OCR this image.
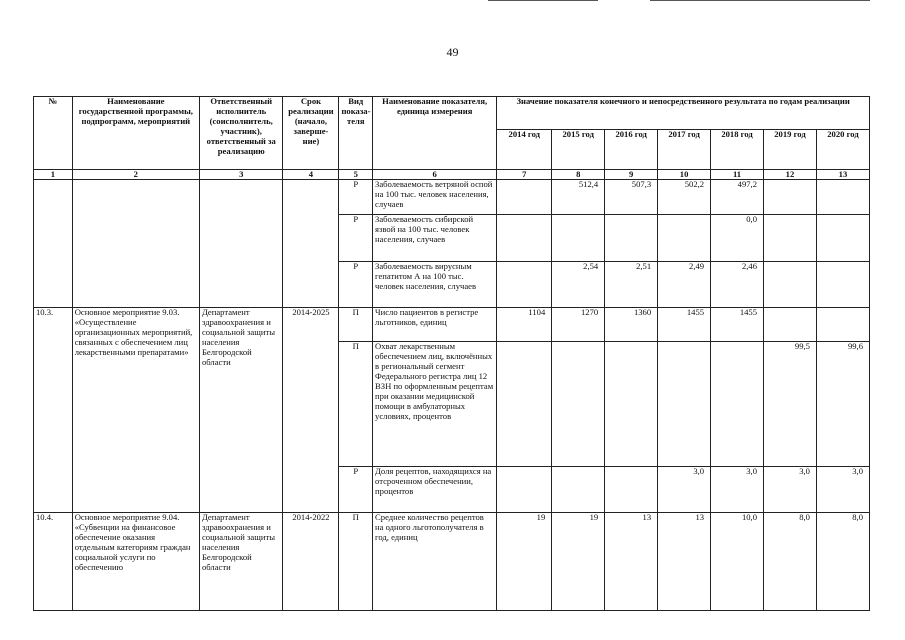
49
№	Наименование государственной программы, подпрограмм, мероприятий	Ответственный исполнитель (соисполнитель, участник), ответственный за реализацию	Срок реализации (начало, заверше-ние)	Вид показа-теля	Наименование показателя, единица измерения	Значение показателя конечного и непосредственного результата по годам реализации						
						2014 год	2015 год	2016 год	2017 год	2018 год	2019 год	2020 год
1	2	3	4	5	6	7	8	9	10	11	12	13
				Р	Заболеваемость ветряной оспой на 100 тыс. человек населения, случаев		512,4	507,3	502,2	497,2		
				Р	Заболеваемость сибирской язвой на 100 тыс. человек населения, случаев					0,0		
				Р	Заболеваемость вирусным гепатитом А на 100 тыс. человек населения, случаев		2,54	2,51	2,49	2,46		
10.3.	Основное мероприятие 9.03. «Осуществление организационных мероприятий, связанных с обеспечением лиц лекарственными препаратами»	Департамент здравоохранения и социальной защиты населения Белгородской области	2014-2025	П	Число пациентов в регистре льготников, единиц	1104	1270	1360	1455	1455		
				П	Охват лекарственным обеспечением лиц, включённых в региональный сегмент Федерального регистра лиц 12 ВЗН по оформленным рецептам при оказании медицинской помощи в амбулаторных условиях, процентов						99,5	99,6
				Р	Доля рецептов, находящихся на отсроченном обеспечении, процентов				3,0	3,0	3,0	3,0
10.4.	Основное мероприятие 9.04. «Субвенции на финансовое обеспечение оказания отдельным категориям граждан социальной услуги по обеспечению	Департамент здравоохранения и социальной защиты населения Белгородской области	2014-2022	П	Среднее количество рецептов на одного льготополучателя в год, единиц	19	19	13	13	10,0	8,0	8,0
